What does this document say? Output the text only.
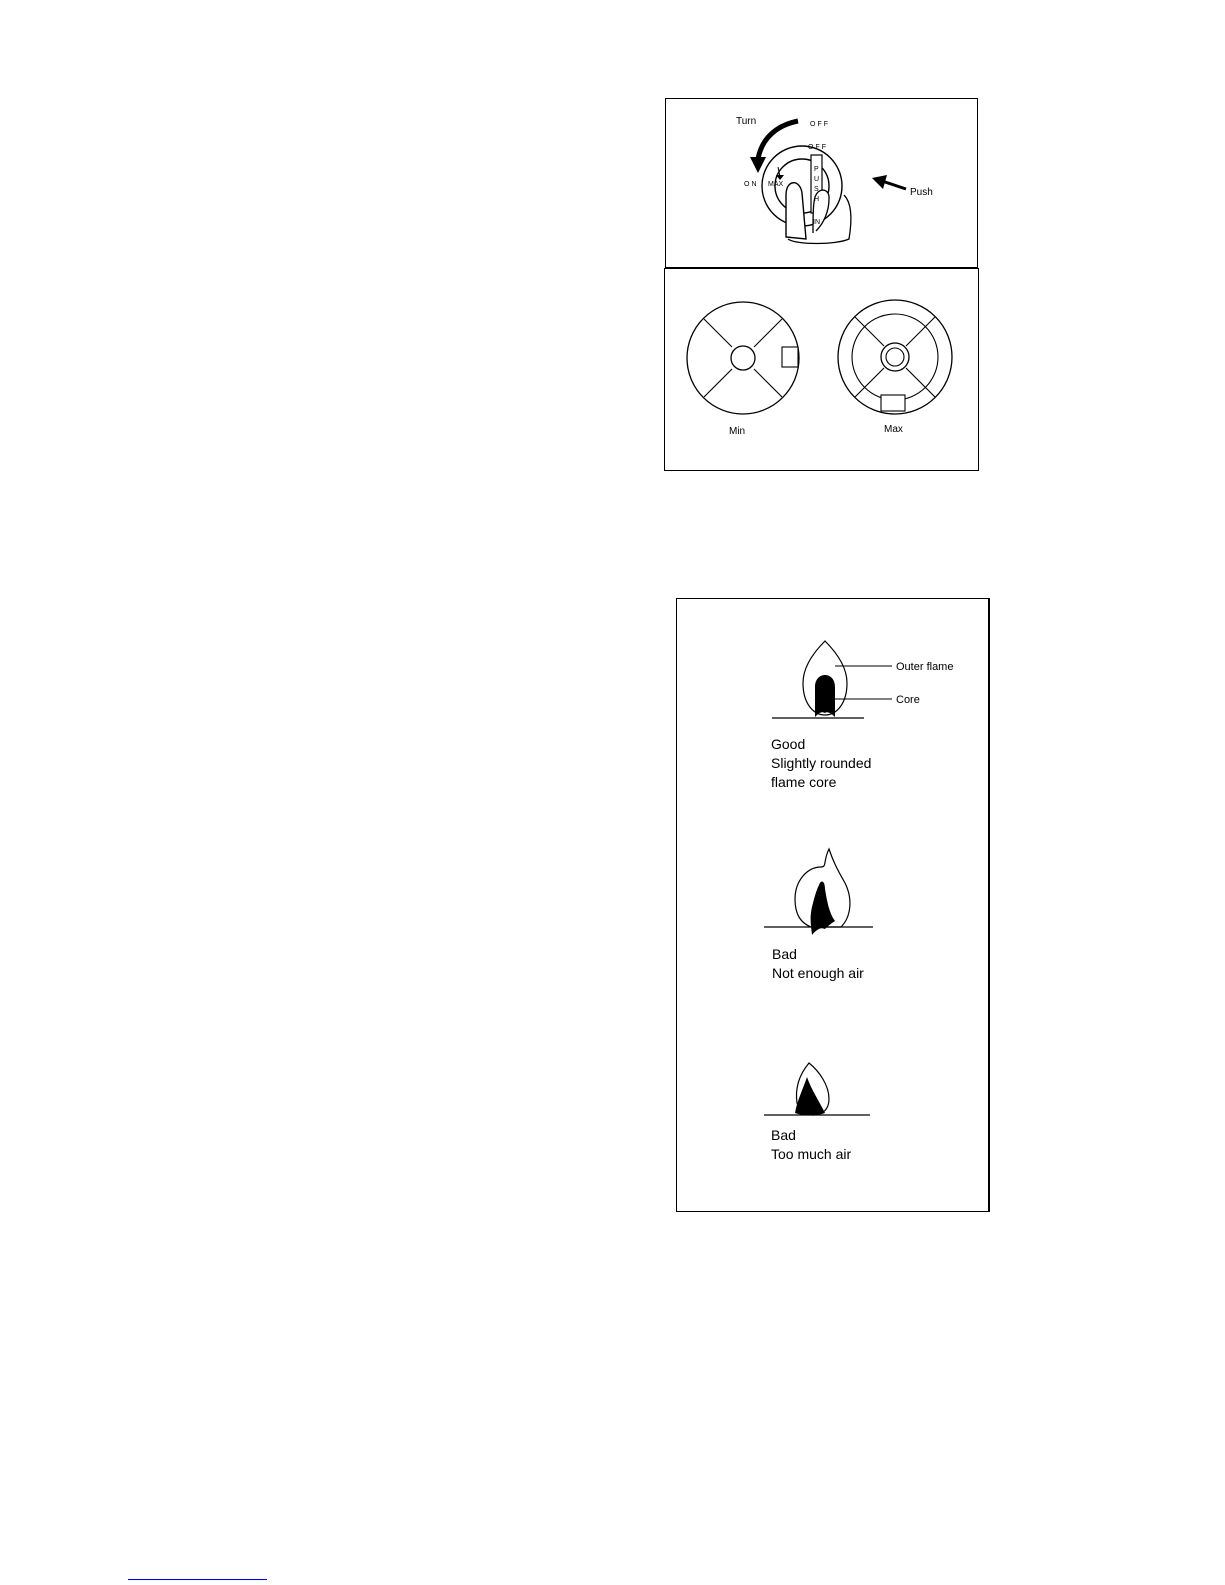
Turn	OFF
OFF
ON MAX
P
U
S
H
IN
Push
Min	Max
Outer flame
Core
Good
Slightly rounded
flame core
Bad
Not enough air
Bad
Too much air
